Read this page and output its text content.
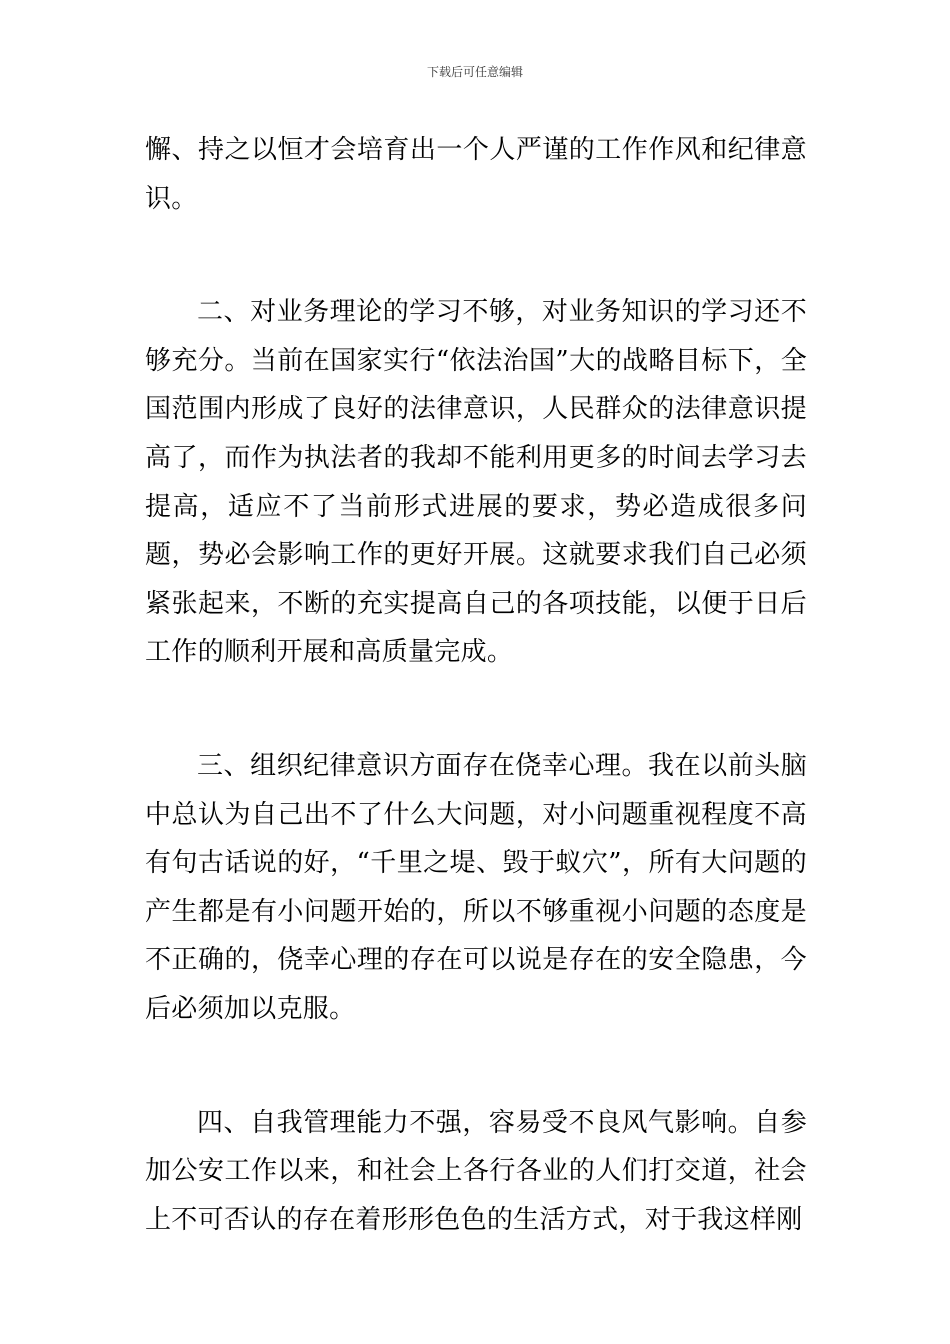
下载后可任意编辑

懈、持之以恒才会培育出一个人严谨的工作作风和纪律意识。

二、对业务理论的学习不够，对业务知识的学习还不够充分。当前在国家实行“依法治国”大的战略目标下，全国范围内形成了良好的法律意识，人民群众的法律意识提高了，而作为执法者的我却不能利用更多的时间去学习去提高，适应不了当前形式进展的要求，势必造成很多问题，势必会影响工作的更好开展。这就要求我们自己必须紧张起来，不断的充实提高自己的各项技能，以便于日后工作的顺利开展和高质量完成。

三、组织纪律意识方面存在侥幸心理。我在以前头脑中总认为自己出不了什么大问题，对小问题重视程度不高有句古话说的好，“千里之堤、毁于蚁穴”，所有大问题的产生都是有小问题开始的，所以不够重视小问题的态度是不正确的，侥幸心理的存在可以说是存在的安全隐患，今后必须加以克服。

四、自我管理能力不强，容易受不良风气影响。自参加公安工作以来，和社会上各行各业的人们打交道，社会上不可否认的存在着形形色色的生活方式，对于我这样刚
